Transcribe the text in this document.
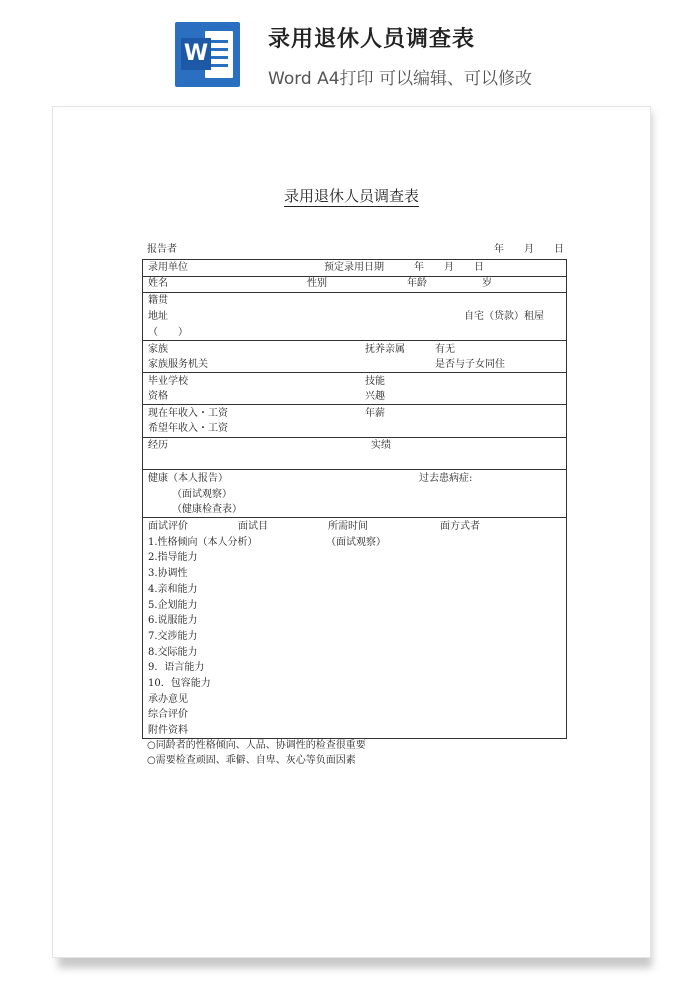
W
录用退休人员调查表
Word A4打印 可以编辑、可以修改
录用退休人员调查表
报告者	年　　月　　日
录用单位	预定录用日期	年　　月　　日
姓名	性别	年龄	岁
籍贯
地址	自宅（贷款）租屋
（　　）
家族	抚养亲属	有无
家族服务机关	是否与子女同住
毕业学校	技能
资格	兴趣
现在年收入・工资	年薪
希望年收入・工资
经历	实绩
健康（本人报告）	过去患病症:
（面试观察）
（健康检查表）
面试评价	面试目	所需时间	面方式者
1.性格倾向（本人分析）	（面试观察）
2.指导能力
3.协调性
4.亲和能力
5.企划能力
6.说服能力
7.交涉能力
8.交际能力
9．语言能力
10．包容能力
承办意见
综合评价
附件资料
○同龄者的性格倾向、人品、协调性的检查很重要
○需要检查顽固、乖僻、自卑、灰心等负面因素
